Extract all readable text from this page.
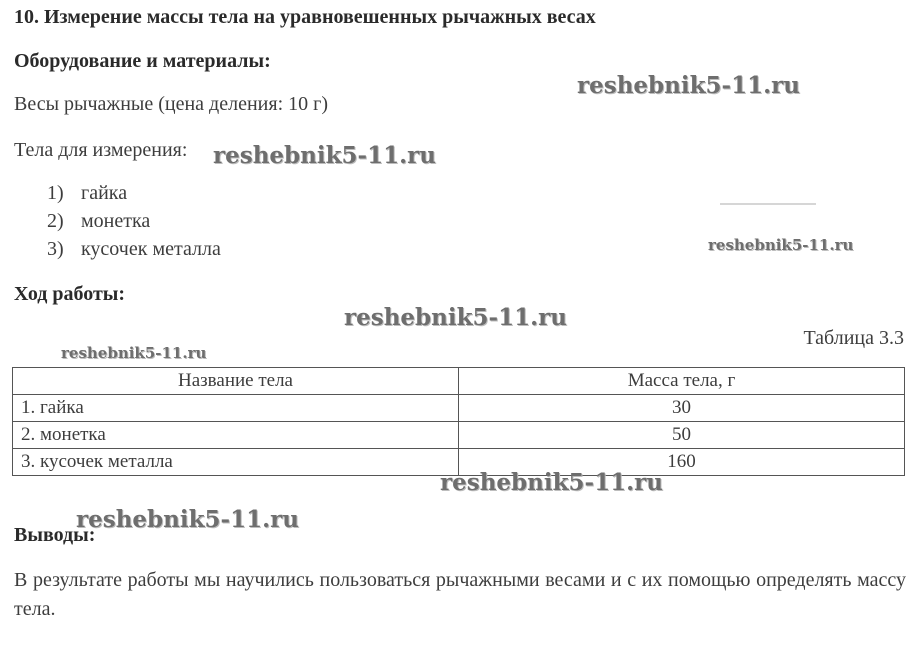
10. Измерение массы тела на уравновешенных рычажных весах
Оборудование и материалы:
Весы рычажные (цена деления: 10 г)
Тела для измерения:
1) гайка
2) монетка
3) кусочек металла
Ход работы:
Таблица 3.3
Название тела	Масса тела, г
1. гайка	30
2. монетка	50
3. кусочек металла	160
Выводы:
В результате работы мы научились пользоваться рычажными весами и с их помощью определять массу тела.
reshebnik5-11.ru
reshebnik5-11.ru
reshebnik5-11.ru
reshebnik5-11.ru
reshebnik5-11.ru
reshebnik5-11.ru
reshebnik5-11.ru
